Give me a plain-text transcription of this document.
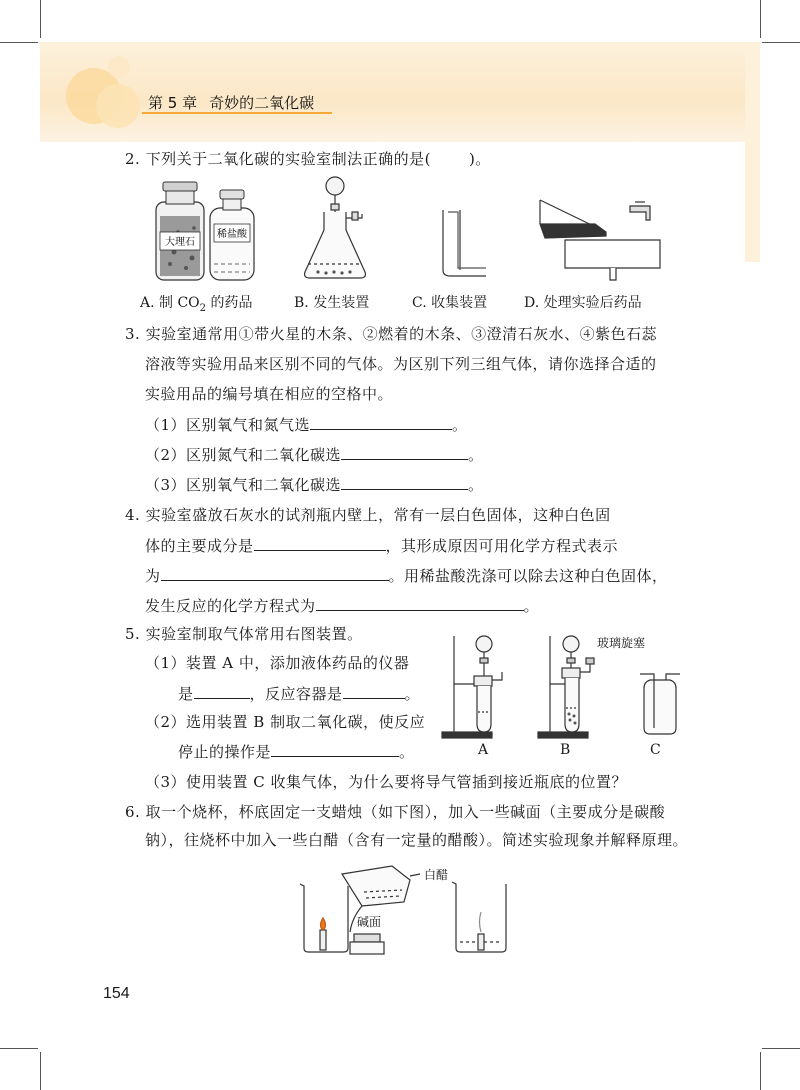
第 5 章 奇妙的二氧化碳
2. 下列关于二氧化碳的实验室制法正确的是(	)。
大理石
稀盐酸
A. 制 $CO_2$ 的药品	B. 发生装置	C. 收集装置	D. 处理实验后药品
3. 实验室通常用①带火星的木条、②燃着的木条、③澄清石灰水、④紫色石蕊
溶液等实验用品来区别不同的气体。为区别下列三组气体，请你选择合适的
实验用品的编号填在相应的空格中。
（1）区别氧气和氮气选	。
（2）区别氮气和二氧化碳选	。
（3）区别氧气和二氧化碳选	。
4. 实验室盛放石灰水的试剂瓶内壁上，常有一层白色固体，这种白色固
体的主要成分是	，其形成原因可用化学方程式表示
为	。用稀盐酸洗涤可以除去这种白色固体，
发生反应的化学方程式为	。
5. 实验室制取气体常用右图装置。
（1）装置 A 中，添加液体药品的仪器
是	，反应容器是	。
（2）选用装置 B 制取二氧化碳，使反应
停止的操作是	。
（3）使用装置 C 收集气体，为什么要将导气管插到接近瓶底的位置？
A	B	C
玻璃旋塞
6. 取一个烧杯，杯底固定一支蜡烛（如下图），加入一些碱面（主要成分是碳酸
钠），往烧杯中加入一些白醋（含有一定量的醋酸）。简述实验现象并解释原理。
白醋
碱面
154
